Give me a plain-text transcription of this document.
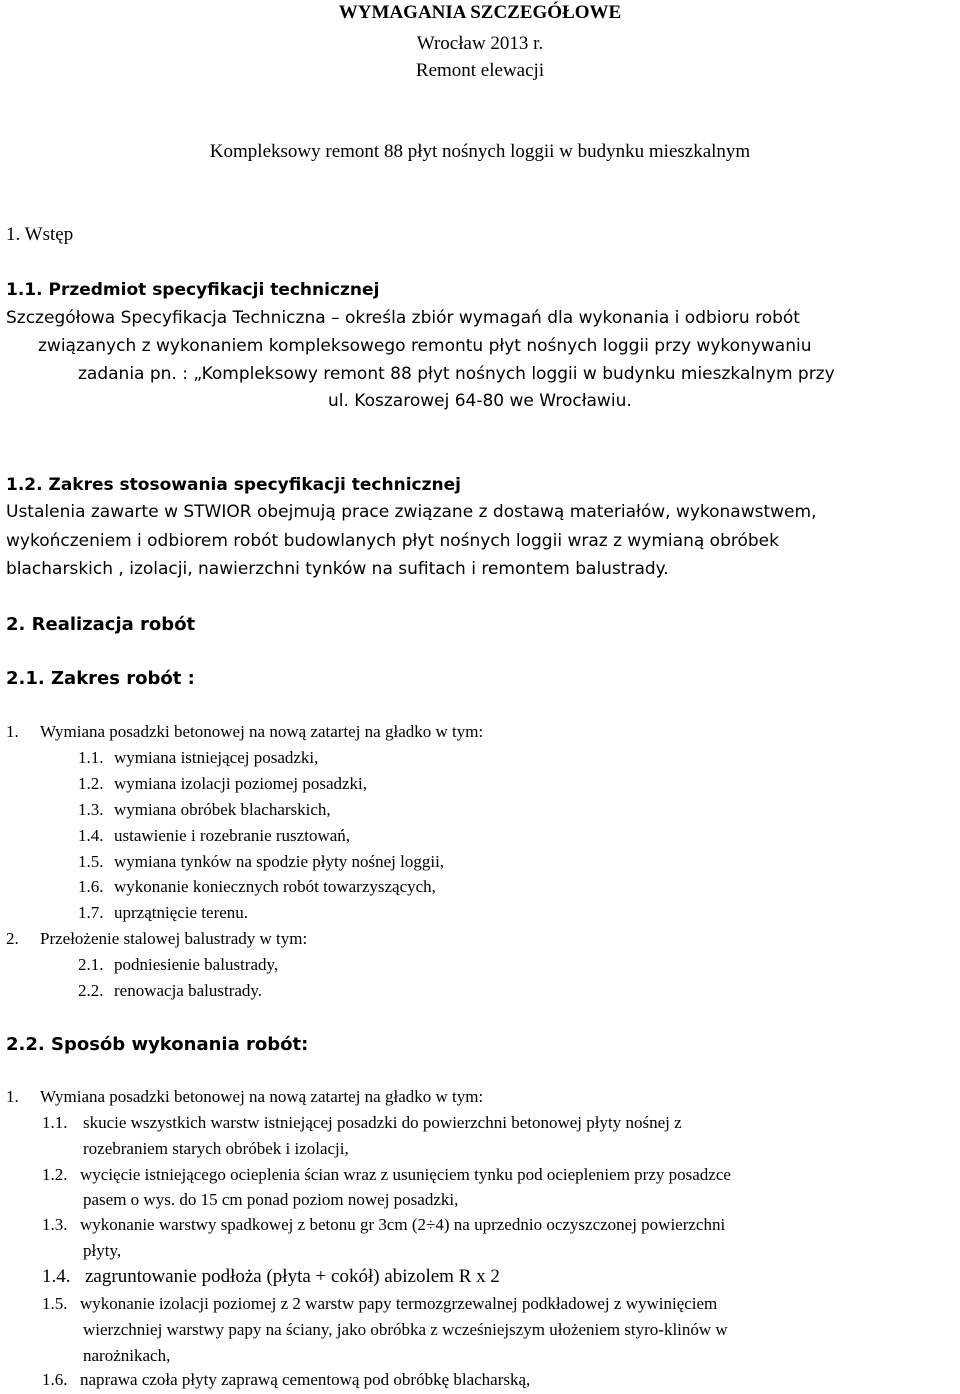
WYMAGANIA SZCZEGÓŁOWE
Wrocław 2013 r.
Remont elewacji
Kompleksowy remont 88 płyt nośnych loggii w budynku mieszkalnym
1. Wstęp
1.1. Przedmiot specyfikacji technicznej
Szczegółowa Specyfikacja Techniczna – określa zbiór wymagań dla wykonania i odbioru robót
związanych z wykonaniem kompleksowego remontu płyt nośnych loggii przy wykonywaniu
zadania pn. : „Kompleksowy remont 88 płyt nośnych loggii w budynku mieszkalnym przy
ul. Koszarowej 64-80 we Wrocławiu.
1.2. Zakres stosowania specyfikacji technicznej
Ustalenia zawarte w STWIOR obejmują prace związane z dostawą materiałów, wykonawstwem,
wykończeniem i odbiorem robót budowlanych płyt nośnych loggii wraz z wymianą obróbek
blacharskich , izolacji, nawierzchni tynków na sufitach i remontem balustrady.
2. Realizacja robót
2.1. Zakres robót :
1. Wymiana posadzki betonowej na nową zatartej na gładko w tym:
1.1. wymiana istniejącej posadzki,
1.2. wymiana izolacji poziomej posadzki,
1.3. wymiana obróbek blacharskich,
1.4. ustawienie i rozebranie rusztowań,
1.5. wymiana tynków na spodzie płyty nośnej loggii,
1.6. wykonanie koniecznych robót towarzyszących,
1.7. uprzątnięcie terenu.
2. Przełożenie stalowej balustrady w tym:
2.1. podniesienie balustrady,
2.2. renowacja balustrady.
2.2. Sposób wykonania robót:
1. Wymiana posadzki betonowej na nową zatartej na gładko w tym:
1.1. skucie wszystkich warstw istniejącej posadzki do powierzchni betonowej płyty nośnej z
rozebraniem starych obróbek i izolacji,
1.2. wycięcie istniejącego ocieplenia ścian wraz z usunięciem tynku pod ociepleniem przy posadzce
pasem o wys. do 15 cm ponad poziom nowej posadzki,
1.3. wykonanie warstwy spadkowej z betonu gr 3cm (2÷4) na uprzednio oczyszczonej powierzchni
płyty,
1.4. zagruntowanie podłoża (płyta + cokół) abizolem R x 2
1.5. wykonanie izolacji poziomej z 2 warstw papy termozgrzewalnej podkładowej z wywinięciem
wierzchniej warstwy papy na ściany, jako obróbka z wcześniejszym ułożeniem styro-klinów w
narożnikach,
1.6. naprawa czoła płyty zaprawą cementową pod obróbkę blacharską,
